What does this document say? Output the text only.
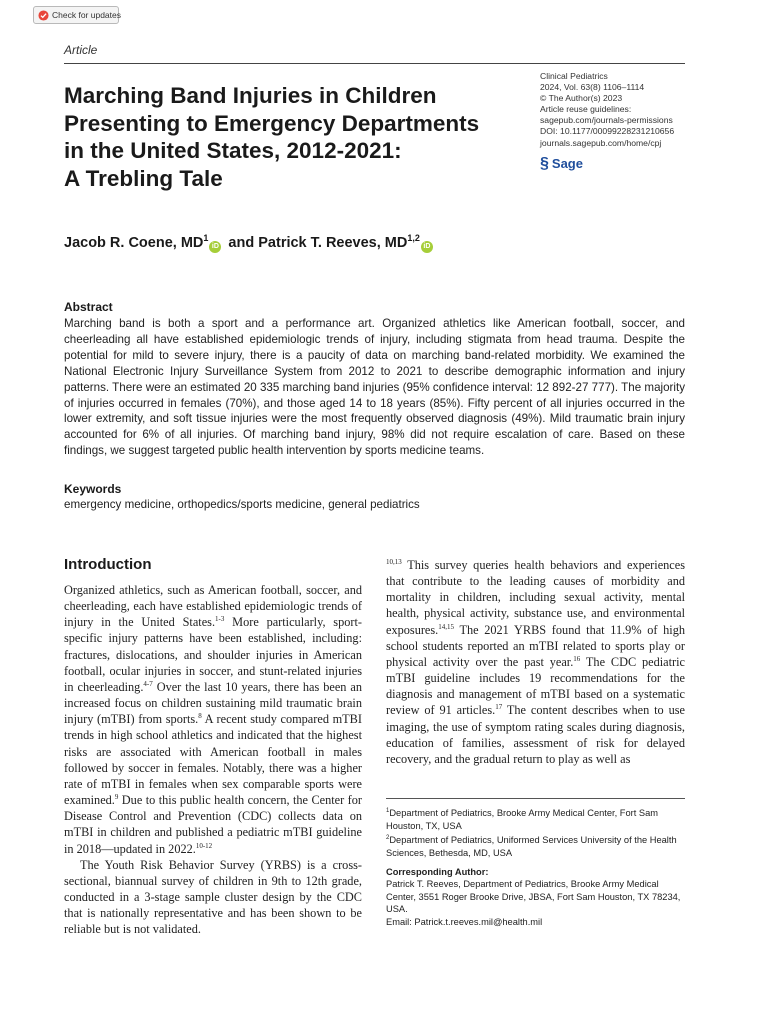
Check for updates
Article
Marching Band Injuries in Children
Presenting to Emergency Departments
in the United States, 2012-2021:
A Trebling Tale
Clinical Pediatrics
2024, Vol. 63(8) 1106–1114
© The Author(s) 2023
Article reuse guidelines:
sagepub.com/journals-permissions
DOI: 10.1177/00099228231210656
journals.sagepub.com/home/cpj
§ Sage
Jacob R. Coene, $MD^1iD$ and Patrick T. Reeves, MD$^{1,2}$iD
Abstract
Marching band is both a sport and a performance art. Organized athletics like American football, soccer, and cheerleading all have established epidemiologic trends of injury, including stigmata from head trauma. Despite the potential for mild to severe injury, there is a paucity of data on marching band-related morbidity. We examined the National Electronic Injury Surveillance System from 2012 to 2021 to describe demographic information and injury patterns. There were an estimated 20 335 marching band injuries (95% confidence interval: 12 892-27 777). The majority of injuries occurred in females (70%), and those aged 14 to 18 years (85%). Fifty percent of all injuries occurred in the lower extremity, and soft tissue injuries were the most frequently observed diagnosis (49%). Mild traumatic brain injury accounted for 6% of all injuries. Of marching band injury, 98% did not require escalation of care. Based on these findings, we suggest targeted public health intervention by sports medicine teams.
Keywords
emergency medicine, orthopedics/sports medicine, general pediatrics
Introduction

Organized athletics, such as American football, soccer, and cheerleading, each have established epidemiologic trends of injury in the United States.$^{1-3}$ More particularly, sport-specific injury patterns have been established, including: fractures, dislocations, and shoulder injuries in American football, ocular injuries in soccer, and stunt-related injuries in cheerleading.$^{4-7}$ Over the last 10 years, there has been an increased focus on children sustaining mild traumatic brain injury (mTBI) from sports.$^8$ A recent study compared mTBI trends in high school athletics and indicated that the highest risks are associated with American football in males followed by soccer in females. Notably, there was a higher rate of mTBI in females when sex comparable sports were examined.$^9$ Due to this public health concern, the Center for Disease Control and Prevention (CDC) collects data on mTBI in children and published a pediatric mTBI guideline in 2018—updated in 2022.$^{10-12}$

The Youth Risk Behavior Survey (YRBS) is a cross-sectional, biannual survey of children in 9th to 12th grade, conducted in a 3-stage sample cluster design by the CDC that is nationally representative and has been shown to be reliable but is not validated.

$^{10,13}$ This survey queries health behaviors and experiences that contribute to the leading causes of morbidity and mortality in children, including sexual activity, mental health, physical activity, substance use, and environmental exposures.$^{14,15}$ The 2021 YRBS found that 11.9% of high school students reported an mTBI related to sports play or physical activity over the past year.$^{16}$ The CDC pediatric mTBI guideline includes 19 recommendations for the diagnosis and management of mTBI based on a systematic review of 91 articles.$^{17}$ The content describes when to use imaging, the use of symptom rating scales during diagnosis, education of families, assessment of risk for delayed recovery, and the gradual return to play as well as

$^1$Department of Pediatrics, Brooke Army Medical Center, Fort Sam Houston, TX, USA
$^2$Department of Pediatrics, Uniformed Services University of the Health Sciences, Bethesda, MD, USA
Corresponding Author:
Patrick T. Reeves, Department of Pediatrics, Brooke Army Medical Center, 3551 Roger Brooke Drive, JBSA, Fort Sam Houston, TX 78234, USA.
Email: Patrick.t.reeves.mil@health.mil
